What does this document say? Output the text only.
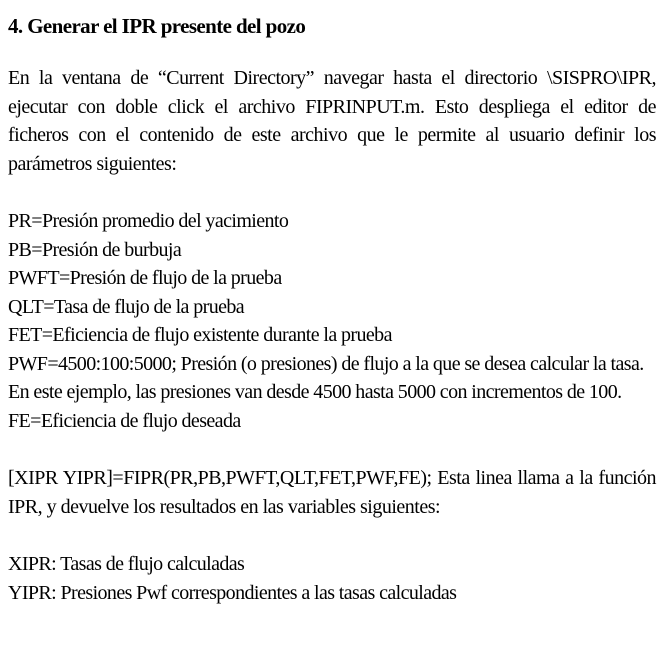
4. Generar el IPR presente del pozo
En la ventana de “Current Directory” navegar hasta el directorio \SISPRO\IPR, ejecutar con doble click el archivo FIPRINPUT.m. Esto despliega el editor de ficheros con el contenido de este archivo que le permite al usuario definir los parámetros siguientes:
PR=Presión promedio del yacimiento
PB=Presión de burbuja
PWFT=Presión de flujo de la prueba
QLT=Tasa de flujo de la prueba
FET=Eficiencia de flujo existente durante la prueba
PWF=4500:100:5000; Presión (o presiones) de flujo a la que se desea calcular la tasa.
En este ejemplo, las presiones van desde 4500 hasta 5000 con incrementos de 100.
FE=Eficiencia de flujo deseada
[XIPR YIPR]=FIPR(PR,PB,PWFT,QLT,FET,PWF,FE); Esta linea llama a la función IPR, y devuelve los resultados en las variables siguientes:
XIPR: Tasas de flujo calculadas
YIPR: Presiones Pwf correspondientes a las tasas calculadas
